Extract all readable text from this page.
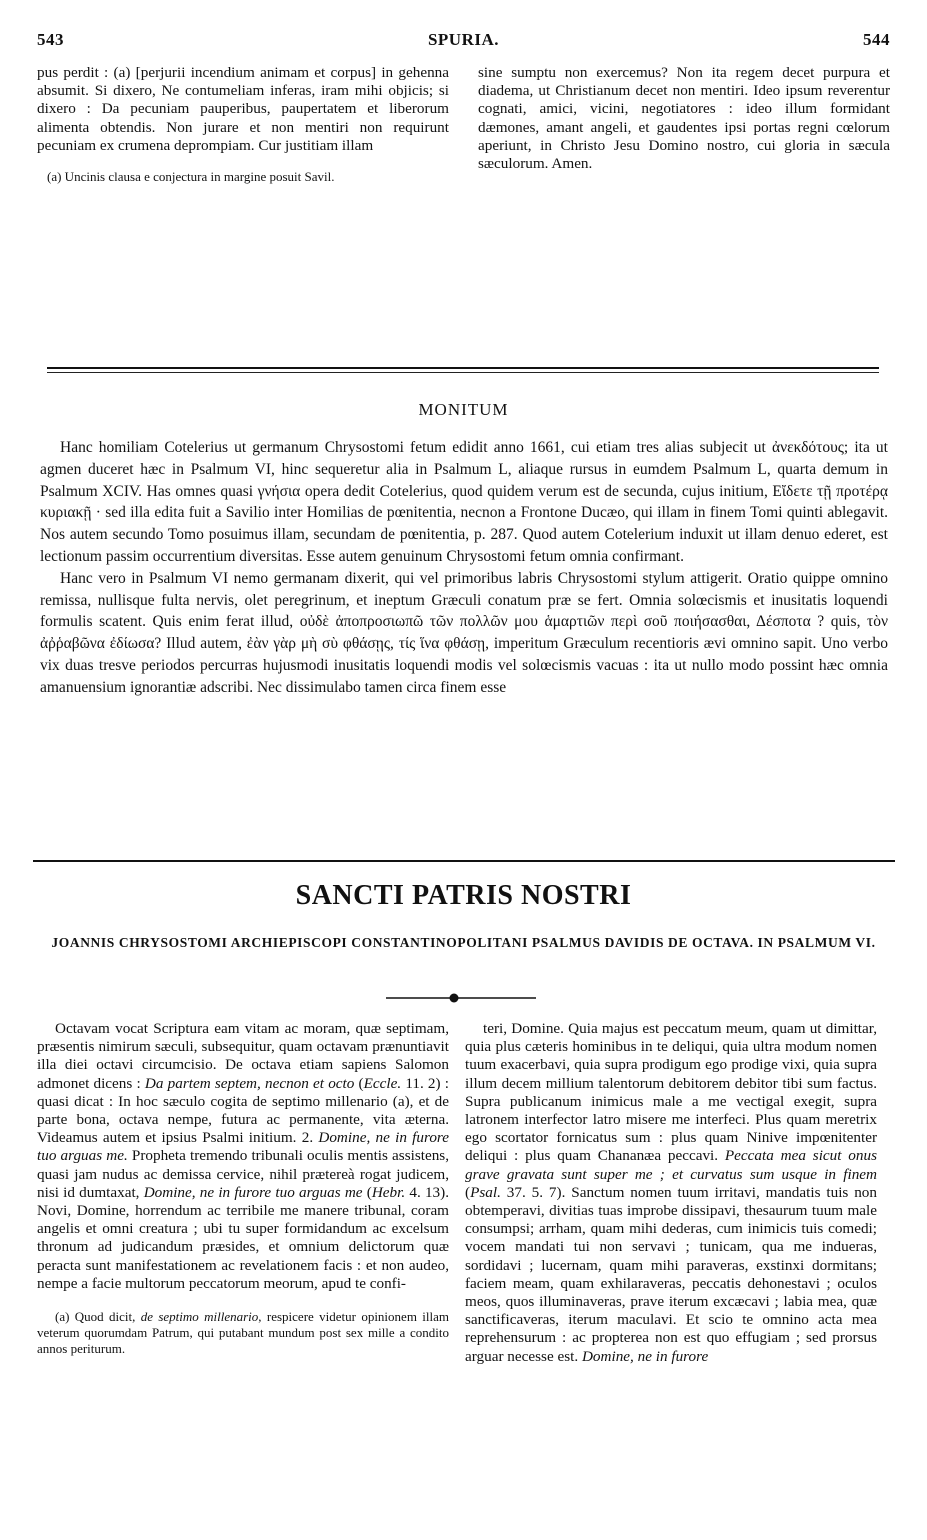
543	SPURIA.	544

pus perdit : (a) [perjurii incendium animam et corpus] in gehenna absumit. Si dixero, Ne contumeliam inferas, iram mihi objicis; si dixero : Da pecuniam pauperibus, paupertatem et liberorum alimenta obtendis. Non jurare et non mentiri non requirunt pecuniam ex crumena deprompiam. Cur justitiam illam

(a) Uncinis clausa e conjectura in margine posuit Savil.

sine sumptu non exercemus? Non ita regem decet purpura et diadema, ut Christianum decet non mentiri. Ideo ipsum reverentur cognati, amici, vicini, negotiatores : ideo illum formidant dæmones, amant angeli, et gaudentes ipsi portas regni cœlorum aperiunt, in Christo Jesu Domino nostro, cui gloria in sæcula sæculorum. Amen.

MONITUM

Hanc homiliam Cotelerius ut germanum Chrysostomi fetum edidit anno 1661, cui etiam tres alias subjecit ut ἀνεκδότους; ita ut agmen duceret hæc in Psalmum VI, hinc sequeretur alia in Psalmum L, aliaque rursus in eumdem Psalmum L, quarta demum in Psalmum XCIV. Has omnes quasi γνήσια opera dedit Cotelerius, quod quidem verum est de secunda, cujus initium, Εἴδετε τῇ προτέρᾳ κυριακῇ · sed illa edita fuit a Savilio inter Homilias de pœnitentia, necnon a Frontone Ducæo, qui illam in finem Tomi quinti ablegavit. Nos autem secundo Tomo posuimus illam, secundam de pœnitentia, p. 287. Quod autem Cotelerium induxit ut illam denuo ederet, est lectionum passim occurrentium diversitas. Esse autem genuinum Chrysostomi fetum omnia confirmant.

Hanc vero in Psalmum VI nemo germanam dixerit, qui vel primoribus labris Chrysostomi stylum attigerit. Oratio quippe omnino remissa, nullisque fulta nervis, olet peregrinum, et ineptum Græculi conatum præ se fert. Omnia solœcismis et inusitatis loquendi formulis scatent. Quis enim ferat illud, οὐδὲ ἀποπροσιωπῶ τῶν πολλῶν μου ἁμαρτιῶν περὶ σοῦ ποιήσασθαι, Δέσποτα ? quis, τὸν ἀῤῥαβῶνα ἐδίωσα? Illud autem, ἐὰν γὰρ μὴ σὺ φθάσῃς, τίς ἵνα φθάσῃ, imperitum Græculum recentioris ævi omnino sapit. Uno verbo vix duas tresve periodos percurras hujusmodi inusitatis loquendi modis vel solœcismis vacuas : ita ut nullo modo possint hæc omnia amanuensium ignorantiæ adscribi. Nec dissimulabo tamen circa finem esse

SANCTI PATRIS NOSTRI
JOANNIS CHRYSOSTOMI ARCHIEPISCOPI CONSTANTINOPOLITANI PSALMUS DAVIDIS DE OCTAVA. IN PSALMUM VI.

Octavam vocat Scriptura eam vitam ac moram, quæ septimam, præsentis nimirum sæculi, subsequitur, quam octavam prænuntiavit illa diei octavi circumcisio. De octava etiam sapiens Salomon admonet dicens : Da partem septem, necnon et octo (Eccle. 11. 2) : quasi dicat : In hoc sæculo cogita de septimo millenario (a), et de parte bona, octava nempe, futura ac permanente, vita æterna. Videamus autem et ipsius Psalmi initium. 2. Domine, ne in furore tuo arguas me. Propheta tremendo tribunali oculis mentis assistens, quasi jam nudus ac demissa cervice, nihil prætereà rogat judicem, nisi id dumtaxat, Domine, ne in furore tuo arguas me (Hebr. 4. 13). Novi, Domine, horrendum ac terribile me manere tribunal, coram angelis et omni creatura ; ubi tu super formidandum ac excelsum thronum ad judicandum præsides, et omnium delictorum quæ peracta sunt manifestationem ac revelationem facis : et non audeo, nempe a facie multorum peccatorum meorum, apud te confi-

(a) Quod dicit, de septimo millenario, respicere videtur opinionem illam veterum quorumdam Patrum, qui putabant mundum post sex mille a condito annos periturum.

teri, Domine. Quia majus est peccatum meum, quam ut dimittar, quia plus cæteris hominibus in te deliqui, quia ultra modum nomen tuum exacerbavi, quia supra prodigum ego prodige vixi, quia supra illum decem millium talentorum debitorem debitor tibi sum factus. Supra publicanum inimicus male a me vectigal exegit, supra latronem interfector latro misere me interfeci. Plus quam meretrix ego scortator fornicatus sum : plus quam Ninive impœnitenter deliqui : plus quam Chananæa peccavi. Peccata mea sicut onus grave gravata sunt super me ; et curvatus sum usque in finem (Psal. 37. 5. 7). Sanctum nomen tuum irritavi, mandatis tuis non obtemperavi, divitias tuas improbe dissipavi, thesaurum tuum male consumpsi; arrham, quam mihi dederas, cum inimicis tuis comedi; vocem mandati tui non servavi ; tunicam, qua me indueras, sordidavi ; lucernam, quam mihi paraveras, exstinxi dormitans; faciem meam, quam exhilaraveras, peccatis dehonestavi ; oculos meos, quos illuminaveras, prave iterum excæcavi ; labia mea, quæ sanctificaveras, iterum maculavi. Et scio te omnino acta mea reprehensurum : ac propterea non est quo effugiam ; sed prorsus arguar necesse est. Domine, ne in furore
